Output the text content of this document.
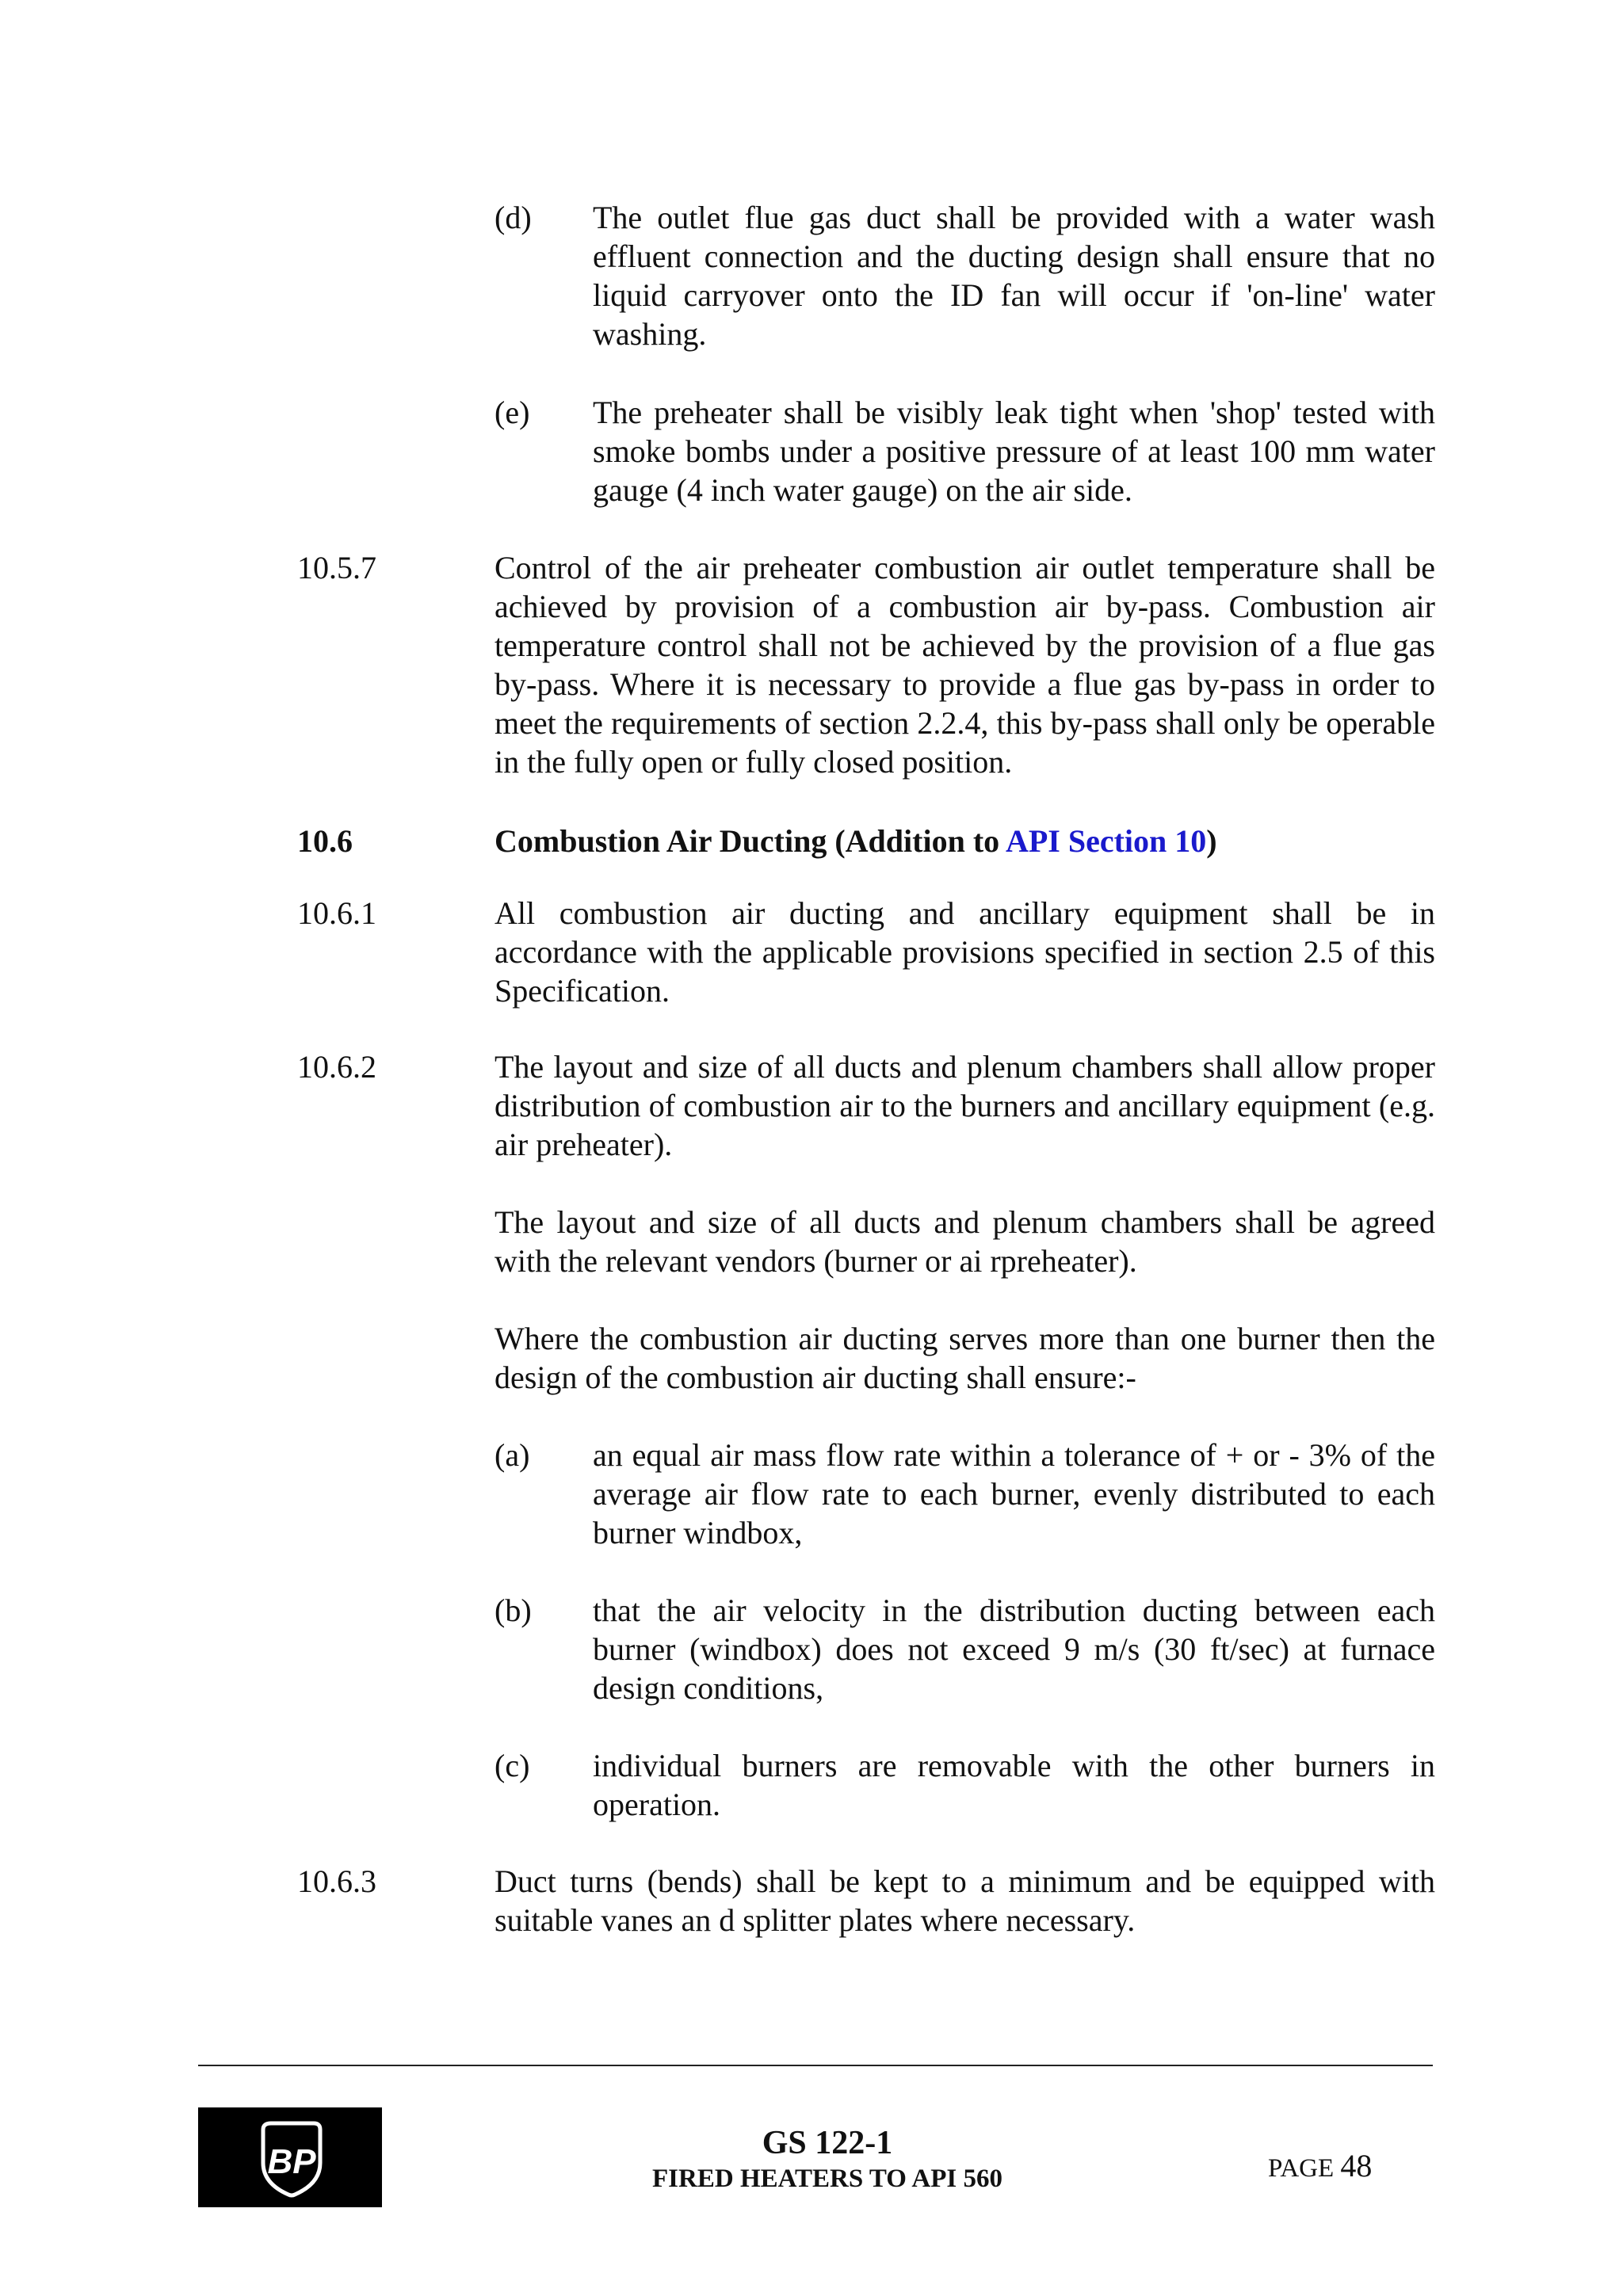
(d) The outlet flue gas duct shall be provided with a water wash effluent connection and the ducting design shall ensure that no liquid carryover onto the ID fan will occur if 'on-line' water washing.
(e) The preheater shall be visibly leak tight when 'shop' tested with smoke bombs under a positive pressure of at least 100 mm water gauge (4 inch water gauge) on the air side.
10.5.7	Control of the air preheater combustion air outlet temperature shall be achieved by provision of a combustion air by-pass. Combustion air temperature control shall not be achieved by the provision of a flue gas by-pass. Where it is necessary to provide a flue gas by-pass in order to meet the requirements of section 2.2.4, this by-pass shall only be operable in the fully open or fully closed position.
10.6	Combustion Air Ducting (Addition to API Section 10)
10.6.1	All combustion air ducting and ancillary equipment shall be in accordance with the applicable provisions specified in section 2.5 of this Specification.
10.6.2	The layout and size of all ducts and plenum chambers shall allow proper distribution of combustion air to the burners and ancillary equipment (e.g. air preheater).
The layout and size of all ducts and plenum chambers shall be agreed with the relevant vendors (burner or ai rpreheater).
Where the combustion air ducting serves more than one burner then the design of the combustion air ducting shall ensure:-
(a) an equal air mass flow rate within a tolerance of + or - 3% of the average air flow rate to each burner, evenly distributed to each burner windbox,
(b) that the air velocity in the distribution ducting between each burner (windbox) does not exceed 9 m/s (30 ft/sec) at furnace design conditions,
(c) individual burners are removable with the other burners in operation.
10.6.3	Duct turns (bends) shall be kept to a minimum and be equipped with suitable vanes an d splitter plates where necessary.
BP	GS 122-1
FIRED HEATERS TO API 560	PAGE 48
